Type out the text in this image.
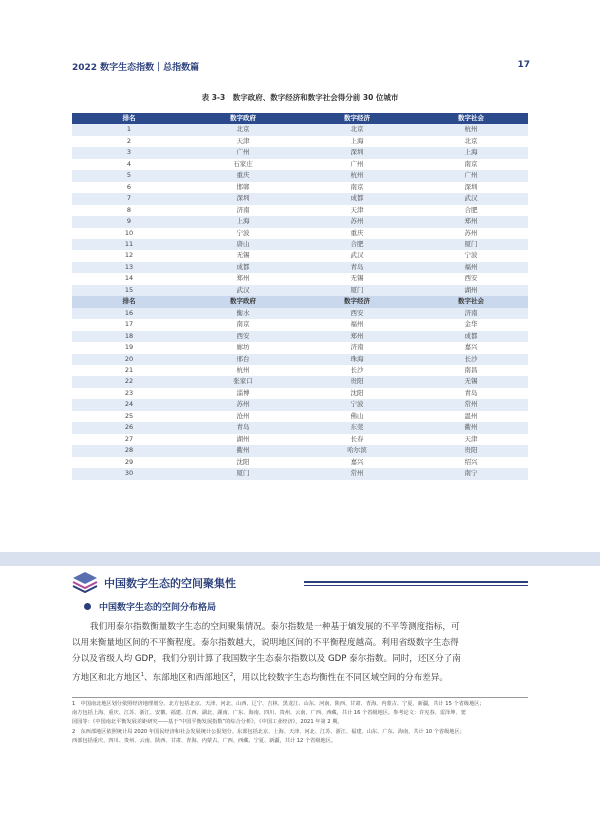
2022 数字生态指数｜总指数篇	17
表 3-3　数字政府、数字经济和数字社会得分前 30 位城市
排名	数字政府	数字经济	数字社会
1	北京	北京	杭州
2	天津	上海	北京
3	广州	深圳	上海
4	石家庄	广州	南京
5	重庆	杭州	广州
6	邯郸	南京	深圳
7	深圳	成都	武汉
8	济南	天津	合肥
9	上海	苏州	郑州
10	宁波	重庆	苏州
11	唐山	合肥	厦门
12	无锡	武汉	宁波
13	成都	青岛	福州
14	郑州	无锡	西安
15	武汉	厦门	湖州
排名	数字政府	数字经济	数字社会
16	衡水	西安	济南
17	南京	福州	金华
18	西安	郑州	成都
19	廊坊	济南	嘉兴
20	邢台	珠海	长沙
21	杭州	长沙	南昌
22	张家口	贵阳	无锡
23	淄博	沈阳	青岛
24	苏州	宁波	常州
25	沧州	佛山	温州
26	青岛	东莞	衢州
27	湖州	长春	天津
28	衢州	哈尔滨	贵阳
29	沈阳	嘉兴	绍兴
30	厦门	常州	南宁
中国数字生态的空间聚集性
中国数字生态的空间分布格局
我们用泰尔指数衡量数字生态的空间聚集情况。泰尔指数是一种基于熵发展的不平等测度指标，可
以用来衡量地区间的不平衡程度。泰尔指数越大，说明地区间的不平衡程度越高。利用省级数字生态得
分以及省级人均 GDP，我们分别计算了我国数字生态泰尔指数以及 GDP 泰尔指数。同时，还区分了南
方地区和北方地区$^1$、东部地区和西部地区$^2$，用以比较数字生态均衡性在不同区域空间的分布差异。
1　中国南北地区划分依照经济地理划分。北方包括北京、天津、河北、山西、辽宁、吉林、黑龙江、山东、河南、陕西、甘肃、青海、内蒙古、宁夏、新疆，共计 15 个省级地区；
南方包括上海、重庆、江苏、浙江、安徽、福建、江西、湖北、湖南、广东、海南、四川、贵州、云南、广西、西藏，共计 16 个省级地区。参考论文：许宪春、雷泽坤、窦
园园等：《中国南北平衡发展差距研究——基于“中国平衡发展指数”的综合分析》，《中国工业经济》，2021 年第 2 期。
2　东西部地区依照统计局 2020 年国民经济和社会发展统计公报划分。东部包括北京、上海、天津、河北、江苏、浙江、福建、山东、广东、海南，共计 10 个省级地区；
西部包括重庆、四川、贵州、云南、陕西、甘肃、青海、内蒙古、广西、西藏、宁夏、新疆，共计 12 个省级地区。
